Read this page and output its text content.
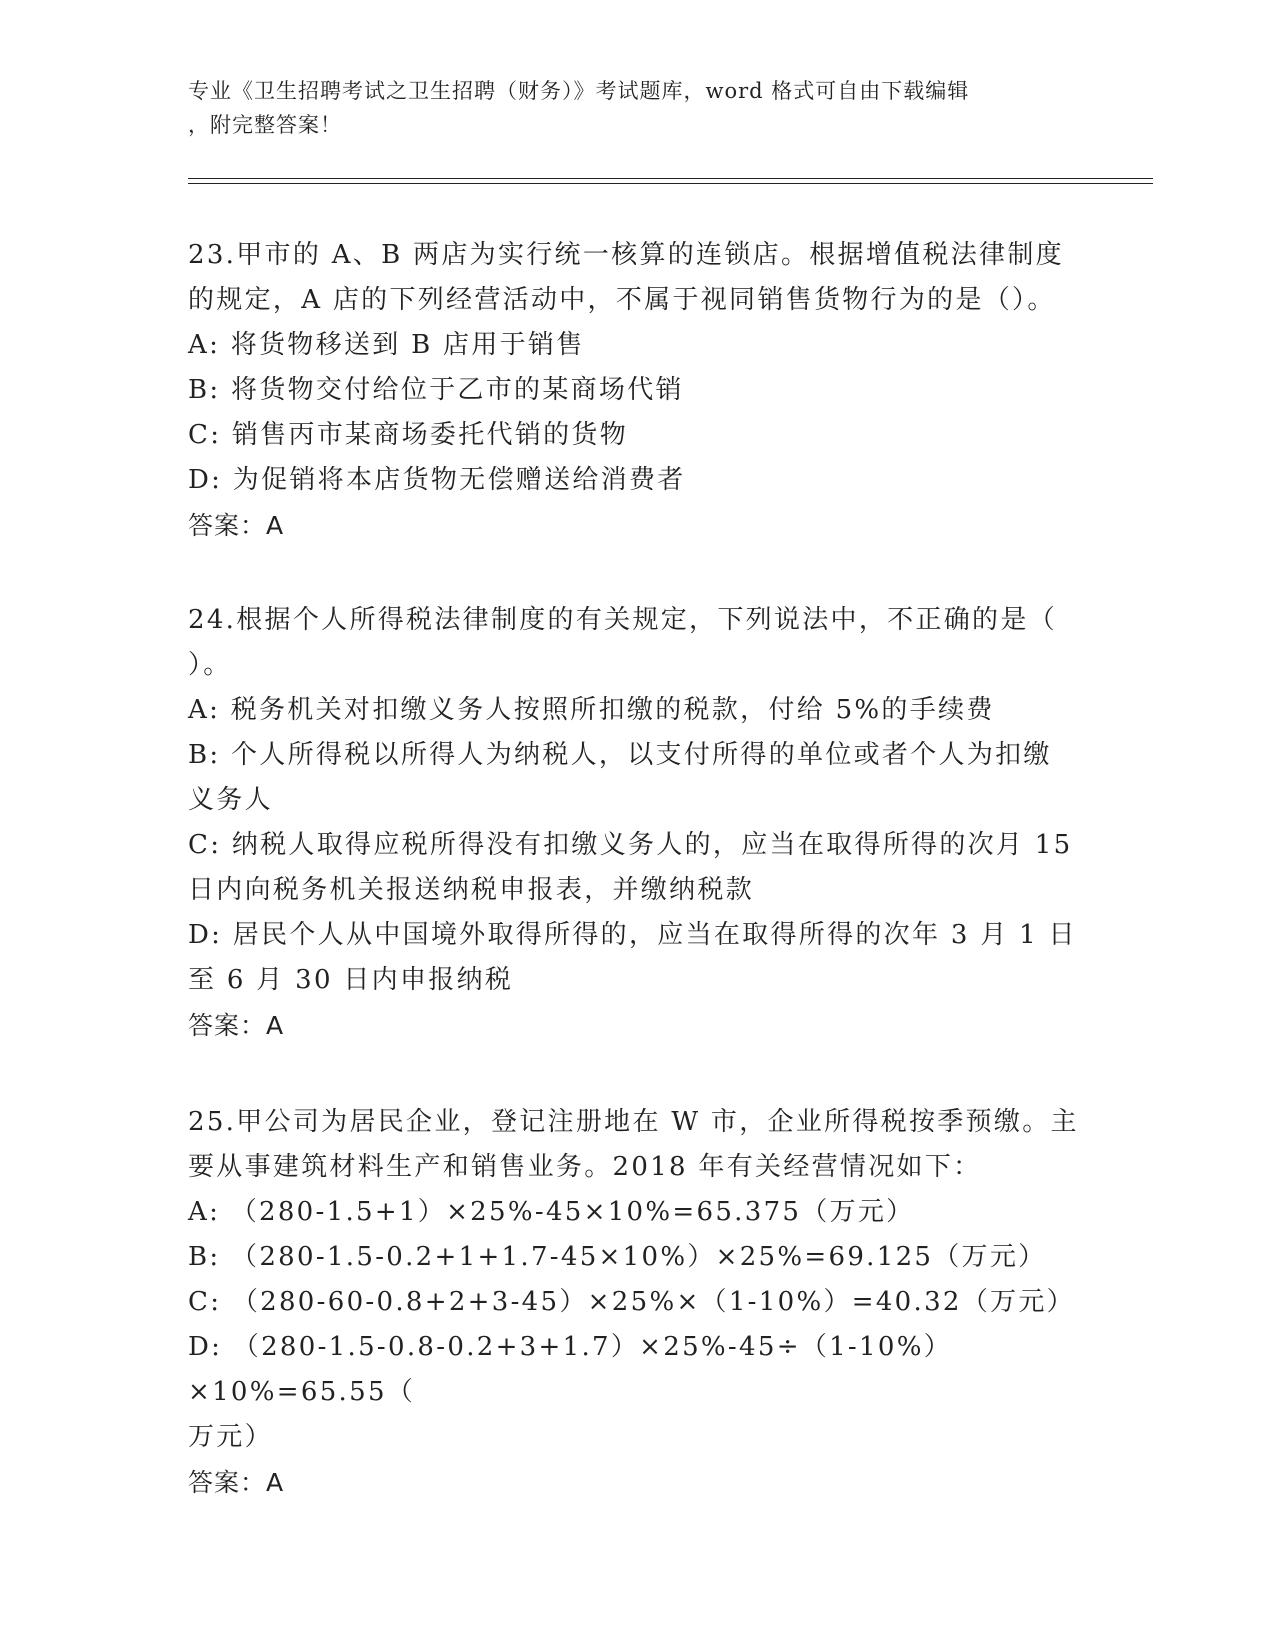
专业《卫生招聘考试之卫生招聘（财务）》考试题库，word 格式可自由下载编辑
，附完整答案！
23.甲市的 A、B 两店为实行统一核算的连锁店。根据增值税法律制度
的规定，A 店的下列经营活动中，不属于视同销售货物行为的是（）。
A: 将货物移送到 B 店用于销售
B: 将货物交付给位于乙市的某商场代销
C: 销售丙市某商场委托代销的货物
D: 为促销将本店货物无偿赠送给消费者
答案：A
24.根据个人所得税法律制度的有关规定，下列说法中，不正确的是（
）。
A: 税务机关对扣缴义务人按照所扣缴的税款，付给 5%的手续费
B: 个人所得税以所得人为纳税人，以支付所得的单位或者个人为扣缴
义务人
C: 纳税人取得应税所得没有扣缴义务人的，应当在取得所得的次月 15
日内向税务机关报送纳税申报表，并缴纳税款
D: 居民个人从中国境外取得所得的，应当在取得所得的次年 3 月 1 日
至 6 月 30 日内申报纳税
答案：A
25.甲公司为居民企业，登记注册地在 W 市，企业所得税按季预缴。主
要从事建筑材料生产和销售业务。2018 年有关经营情况如下：
A: （280-1.5+1）×25%-45×10%=65.375（万元）
B: （280-1.5-0.2+1+1.7-45×10%）×25%=69.125（万元）
C: （280-60-0.8+2+3-45）×25%×（1-10%）=40.32（万元）
D: （280-1.5-0.8-0.2+3+1.7）×25%-45÷（1-10%）×10%=65.55（
万元）
答案：A
